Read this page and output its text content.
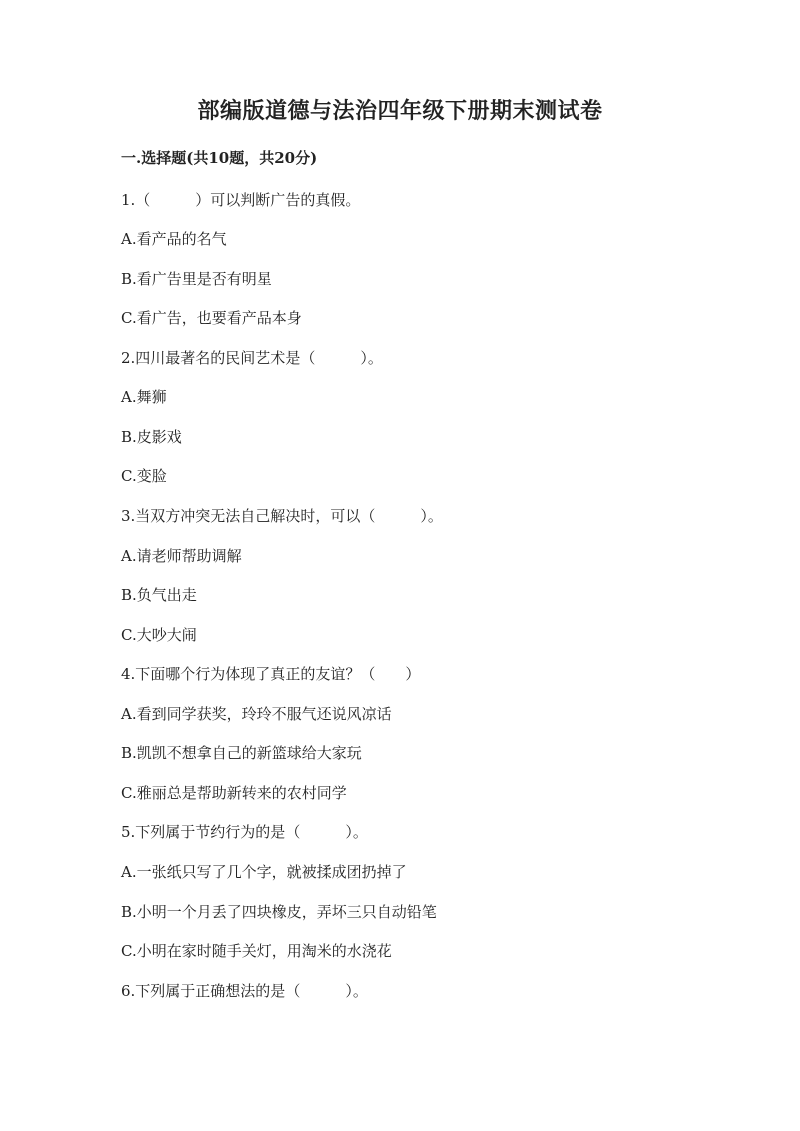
部编版道德与法治四年级下册期末测试卷
一.选择题(共10题，共20分)
1.（　　　）可以判断广告的真假。
A.看产品的名气
B.看广告里是否有明星
C.看广告，也要看产品本身
2.四川最著名的民间艺术是（　　　）。
A.舞狮
B.皮影戏
C.变脸
3.当双方冲突无法自己解决时，可以（　　　）。
A.请老师帮助调解
B.负气出走
C.大吵大闹
4.下面哪个行为体现了真正的友谊？（　　）
A.看到同学获奖，玲玲不服气还说风凉话
B.凯凯不想拿自己的新篮球给大家玩
C.雅丽总是帮助新转来的农村同学
5.下列属于节约行为的是（　　　）。
A.一张纸只写了几个字，就被揉成团扔掉了
B.小明一个月丢了四块橡皮，弄坏三只自动铅笔
C.小明在家时随手关灯，用淘米的水浇花
6.下列属于正确想法的是（　　　）。
